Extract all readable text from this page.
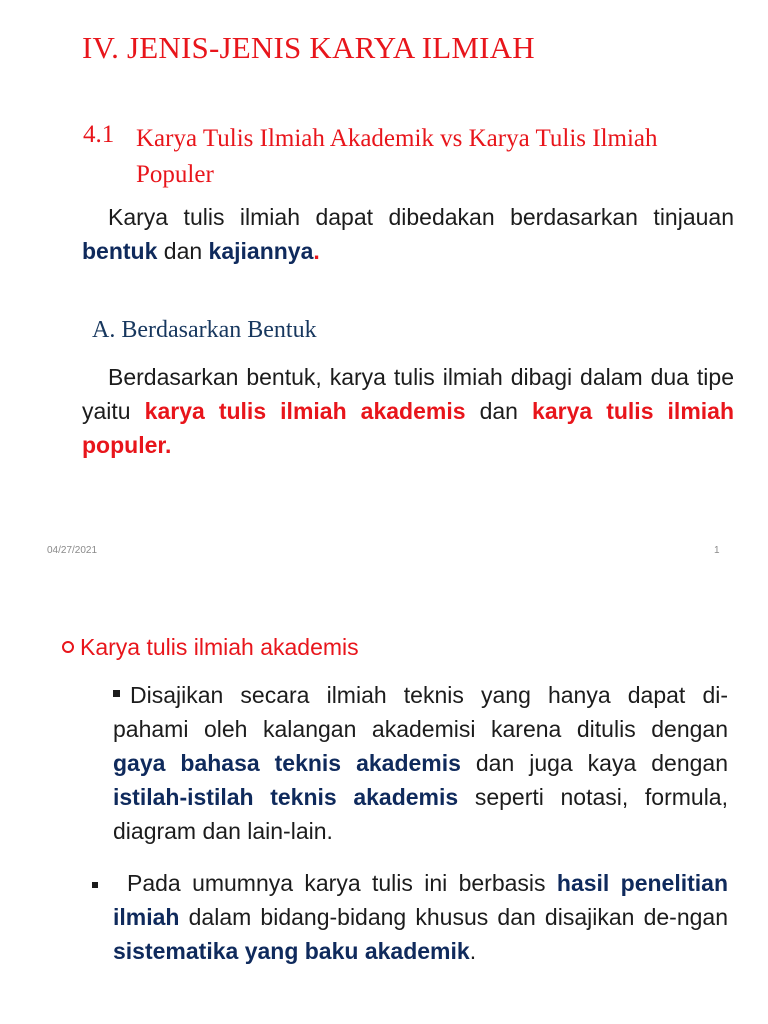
IV. JENIS-JENIS KARYA ILMIAH
4.1 Karya Tulis Ilmiah Akademik vs Karya Tulis Ilmiah Populer
Karya tulis ilmiah dapat dibedakan berdasarkan tinjauan bentuk dan kajiannya.
A. Berdasarkan Bentuk
Berdasarkan bentuk, karya tulis ilmiah dibagi dalam dua tipe yaitu karya tulis ilmiah akademis dan karya tulis ilmiah populer.
04/27/2021	1
Karya tulis ilmiah akademis
Disajikan secara ilmiah teknis yang hanya dapat di-pahami oleh kalangan akademisi karena ditulis dengan gaya bahasa teknis akademis dan juga kaya dengan istilah-istilah teknis akademis seperti notasi, formula, diagram dan lain-lain.
Pada umumnya karya tulis ini berbasis hasil penelitian ilmiah dalam bidang-bidang khusus dan disajikan de-ngan sistematika yang baku akademik.
